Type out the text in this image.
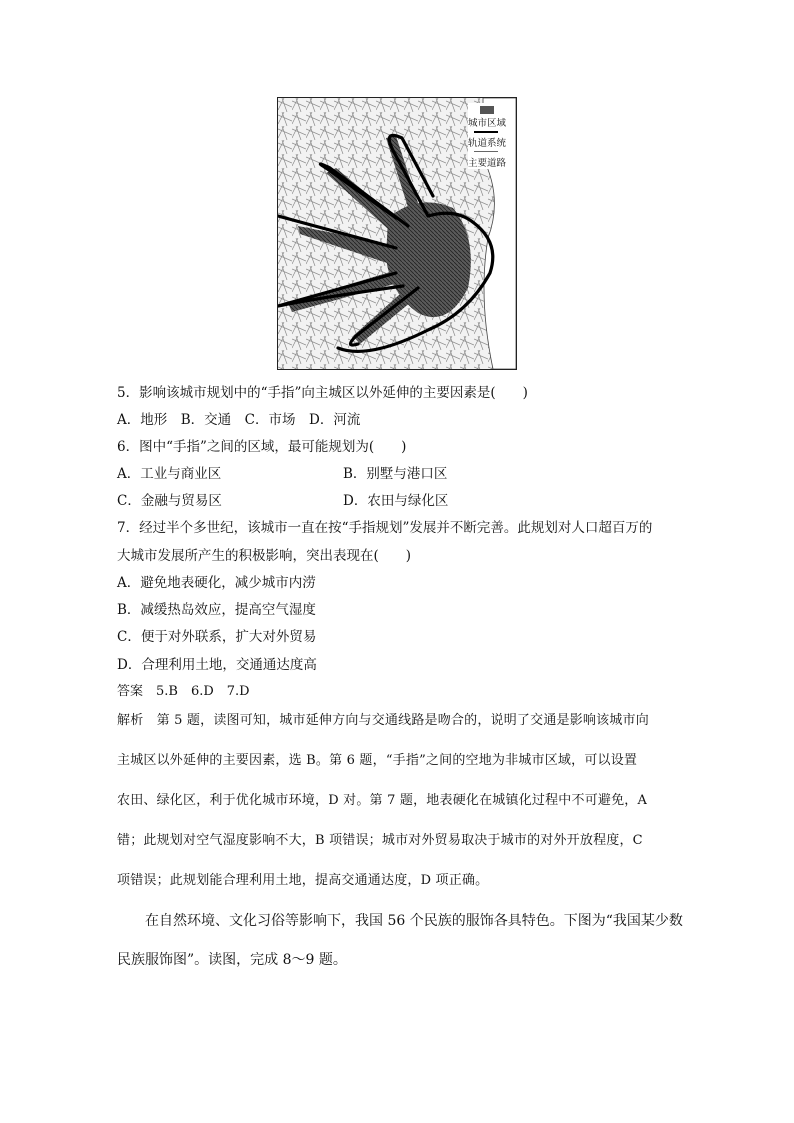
城市区域
轨道系统
主要道路
5．影响该城市规划中的“手指”向主城区以外延伸的主要因素是(　　)
A．地形　B．交通　C．市场　D．河流
6．图中“手指”之间的区域，最可能规划为(　　)
A．工业与商业区	B．别墅与港口区
C．金融与贸易区	D．农田与绿化区
7．经过半个多世纪，该城市一直在按“手指规划”发展并不断完善。此规划对人口超百万的
大城市发展所产生的积极影响，突出表现在(　　)
A．避免地表硬化，减少城市内涝
B．减缓热岛效应，提高空气湿度
C．便于对外联系，扩大对外贸易
D．合理利用土地，交通通达度高
答案　5.B　6.D　7.D
解析　第 5 题，读图可知，城市延伸方向与交通线路是吻合的，说明了交通是影响该城市向
主城区以外延伸的主要因素，选 B。第 6 题，“手指”之间的空地为非城市区域，可以设置
农田、绿化区，利于优化城市环境，D 对。第 7 题，地表硬化在城镇化过程中不可避免，A
错；此规划对空气湿度影响不大，B 项错误；城市对外贸易取决于城市的对外开放程度，C
项错误；此规划能合理利用土地，提高交通通达度，D 项正确。
在自然环境、文化习俗等影响下，我国 56 个民族的服饰各具特色。下图为“我国某少数
民族服饰图”。读图，完成 8～9 题。
